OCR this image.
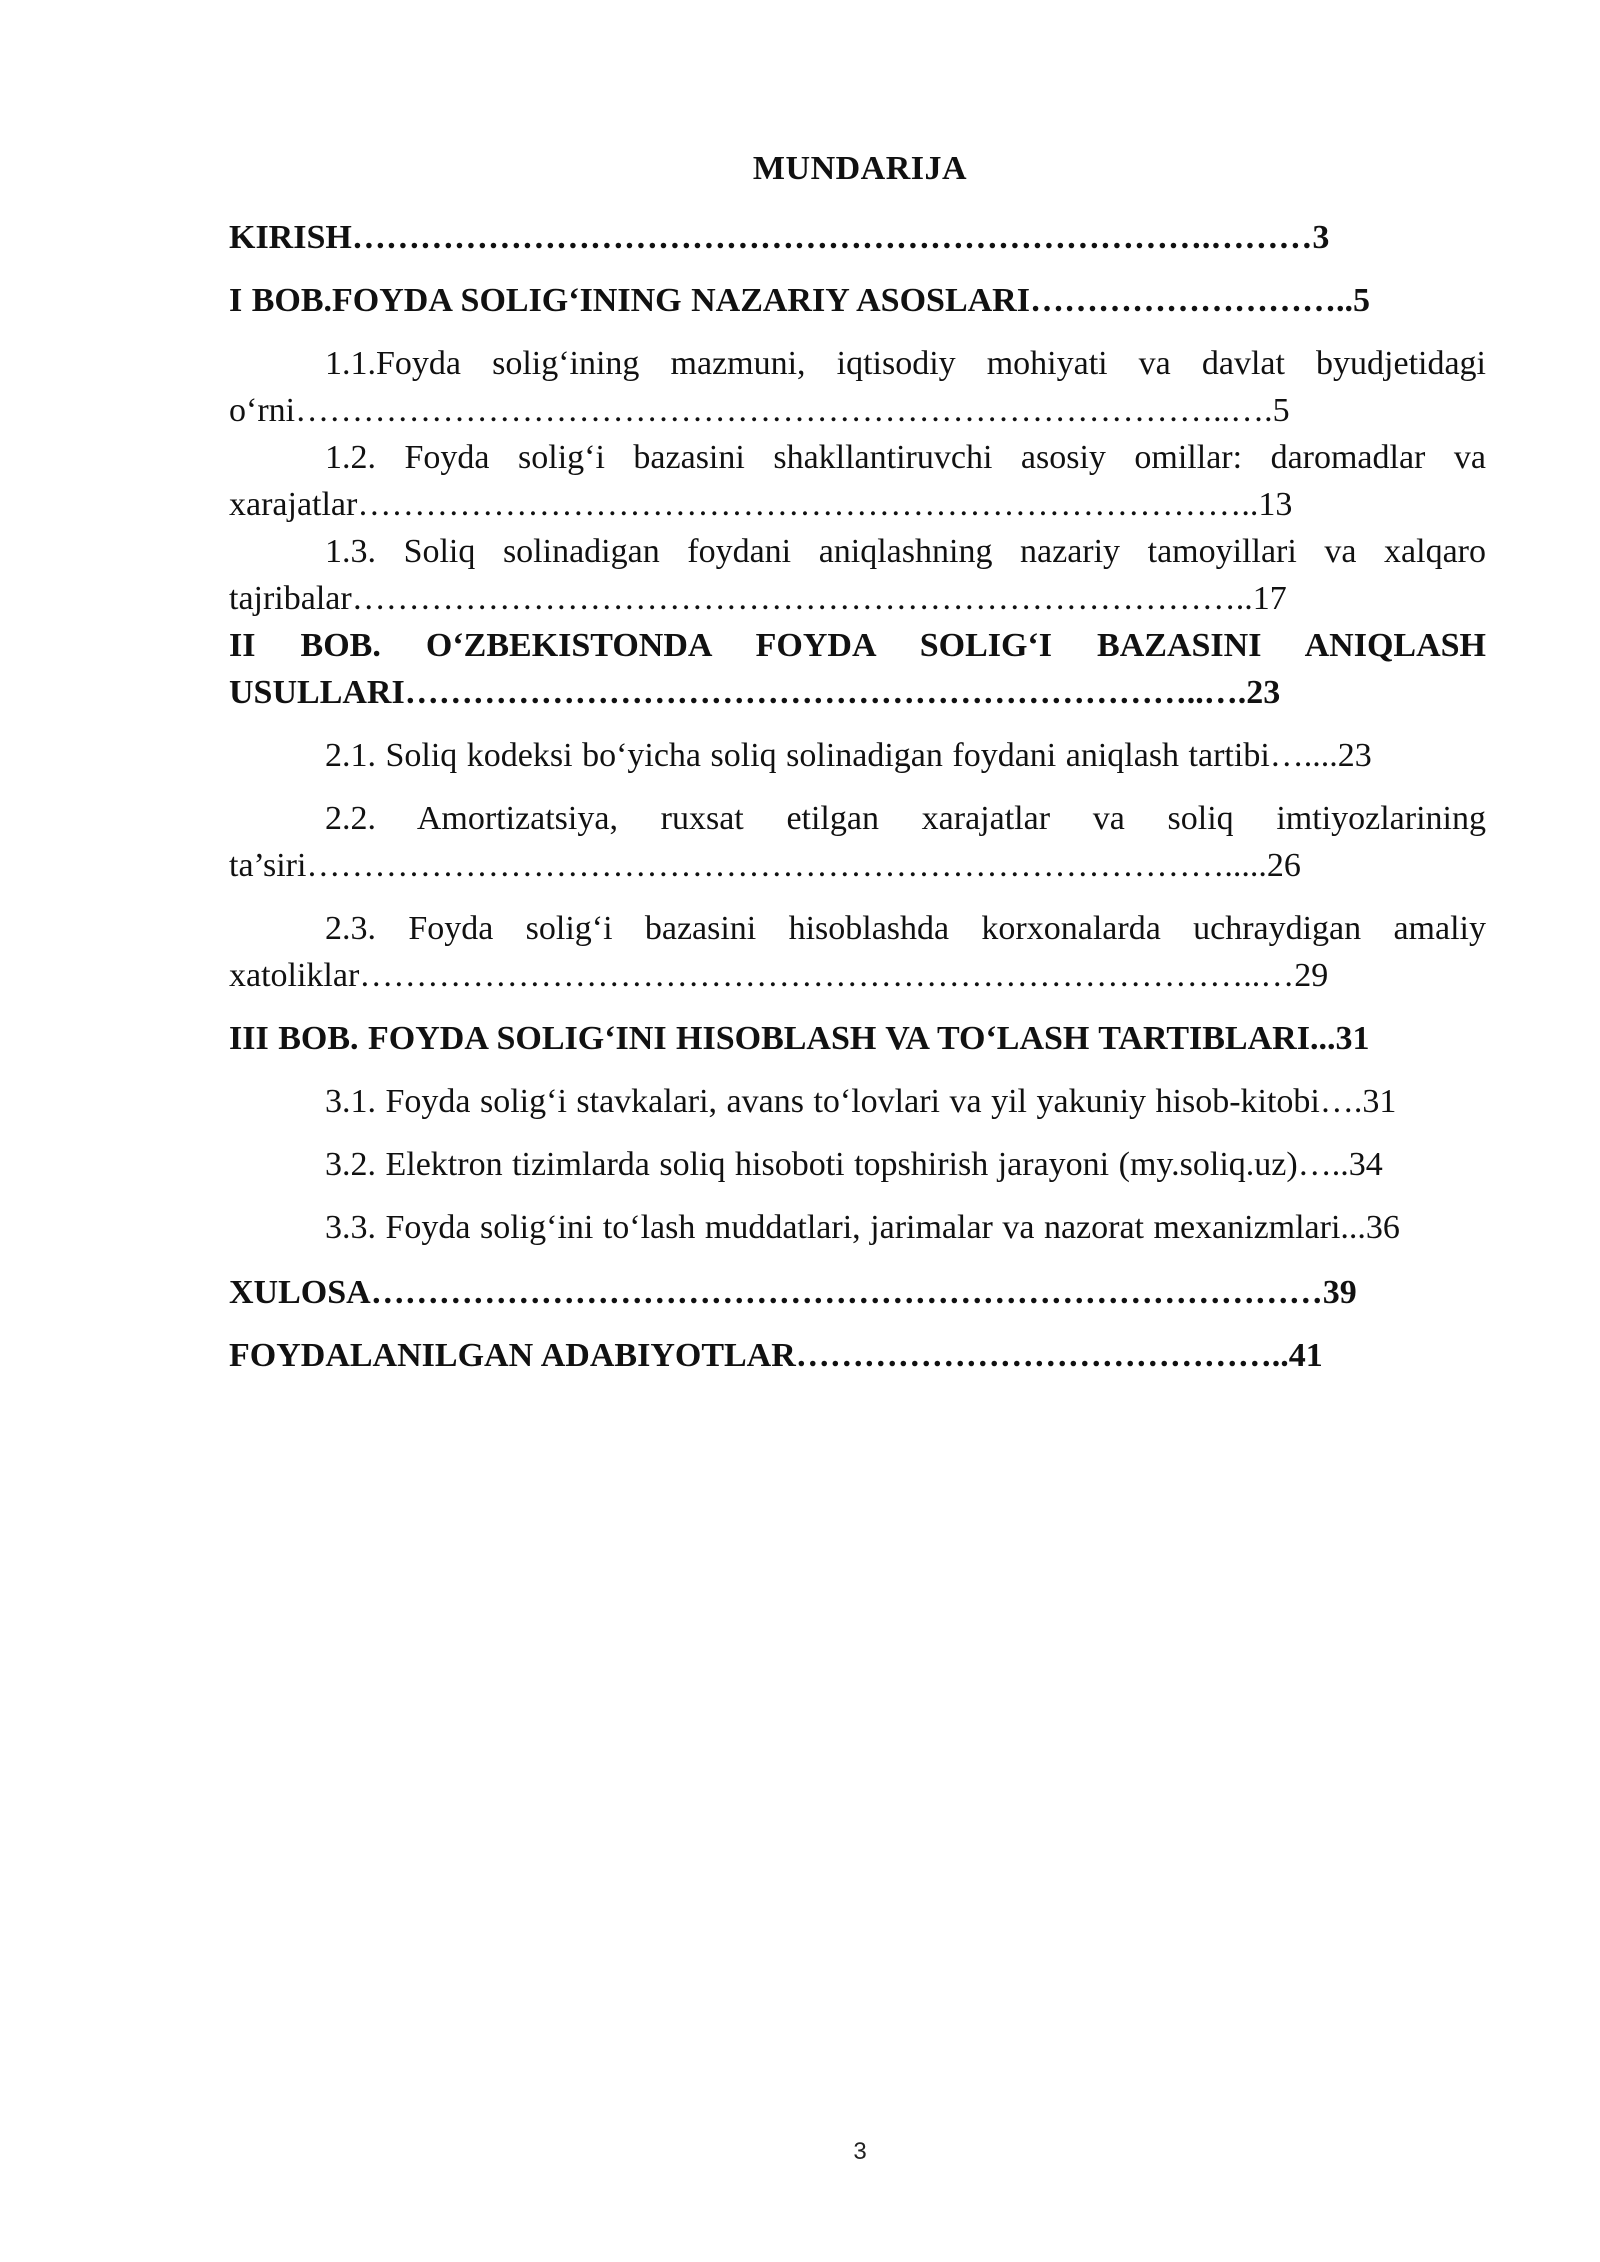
MUNDARIJA
KIRISH………………………………………………………………….………3
I BOB.FOYDA SOLIG‘INING NAZARIY ASOSLARI………………………..5
1.1.Foyda solig‘ining mazmuni, iqtisodiy mohiyati va davlat byudjetidagi o‘rni………………………………………………………………………..….5
1.2. Foyda solig‘i bazasini shakllantiruvchi asosiy omillar: daromadlar va xarajatlar……………………………………………………………………..13
1.3. Soliq solinadigan foydani aniqlashning nazariy tamoyillari va xalqaro tajribalar……………………………………………………………………..17
II BOB. O‘ZBEKISTONDA FOYDA SOLIG‘I BAZASINI ANIQLASH USULLARI……………………………………………………………..….23
2.1. Soliq kodeksi bo‘yicha soliq solinadigan foydani aniqlash tartibi…....23
2.2. Amortizatsiya, ruxsat etilgan xarajatlar va soliq imtiyozlarining ta’siri……………………………………………………………………….....26
2.3. Foyda solig‘i bazasini hisoblashda korxonalarda uchraydigan amaliy xatoliklar……………………………………………………………………..…29
III BOB. FOYDA SOLIG‘INI HISOBLASH VA TO‘LASH TARTIBLARI...31
3.1. Foyda solig‘i stavkalari, avans to‘lovlari va yil yakuniy hisob-kitobi….31
3.2. Elektron tizimlarda soliq hisoboti topshirish jarayoni (my.soliq.uz)…..34
3.3. Foyda solig‘ini to‘lash muddatlari, jarimalar va nazorat mexanizmlari...36
XULOSA…………………………………………………………………………39
FOYDALANILGAN ADABIYOTLAR……………………………………..41
3
